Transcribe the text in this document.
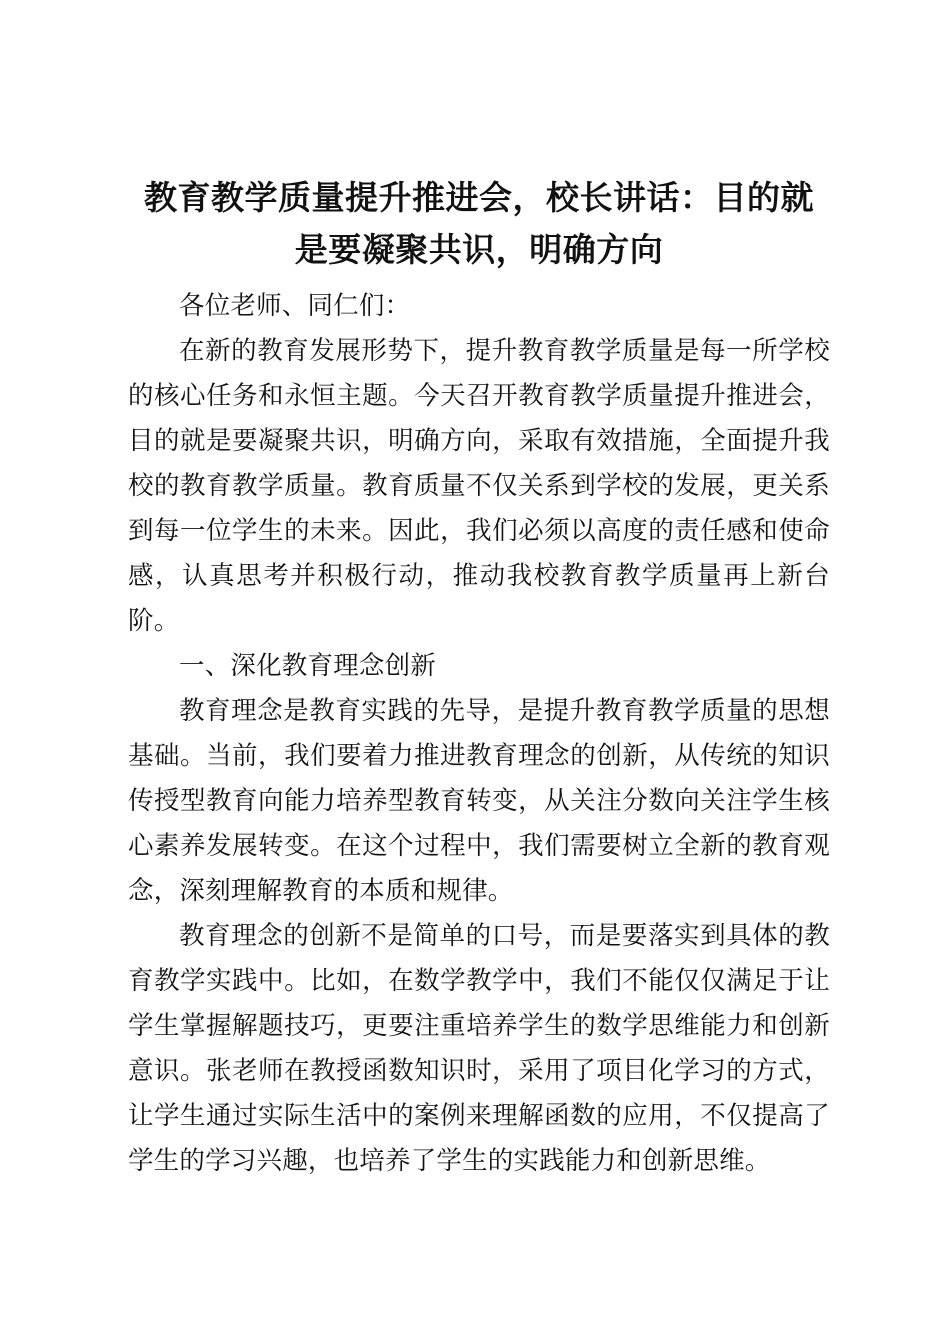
教育教学质量提升推进会，校长讲话：目的就是要凝聚共识，明确方向

各位老师、同仁们：

在新的教育发展形势下，提升教育教学质量是每一所学校的核心任务和永恒主题。今天召开教育教学质量提升推进会，目的就是要凝聚共识，明确方向，采取有效措施，全面提升我校的教育教学质量。教育质量不仅关系到学校的发展，更关系到每一位学生的未来。因此，我们必须以高度的责任感和使命感，认真思考并积极行动，推动我校教育教学质量再上新台阶。

一、深化教育理念创新

教育理念是教育实践的先导，是提升教育教学质量的思想基础。当前，我们要着力推进教育理念的创新，从传统的知识传授型教育向能力培养型教育转变，从关注分数向关注学生核心素养发展转变。在这个过程中，我们需要树立全新的教育观念，深刻理解教育的本质和规律。

教育理念的创新不是简单的口号，而是要落实到具体的教育教学实践中。比如，在数学教学中，我们不能仅仅满足于让学生掌握解题技巧，更要注重培养学生的数学思维能力和创新意识。张老师在教授函数知识时，采用了项目化学习的方式，让学生通过实际生活中的案例来理解函数的应用，不仅提高了学生的学习兴趣，也培养了学生的实践能力和创新思维。
